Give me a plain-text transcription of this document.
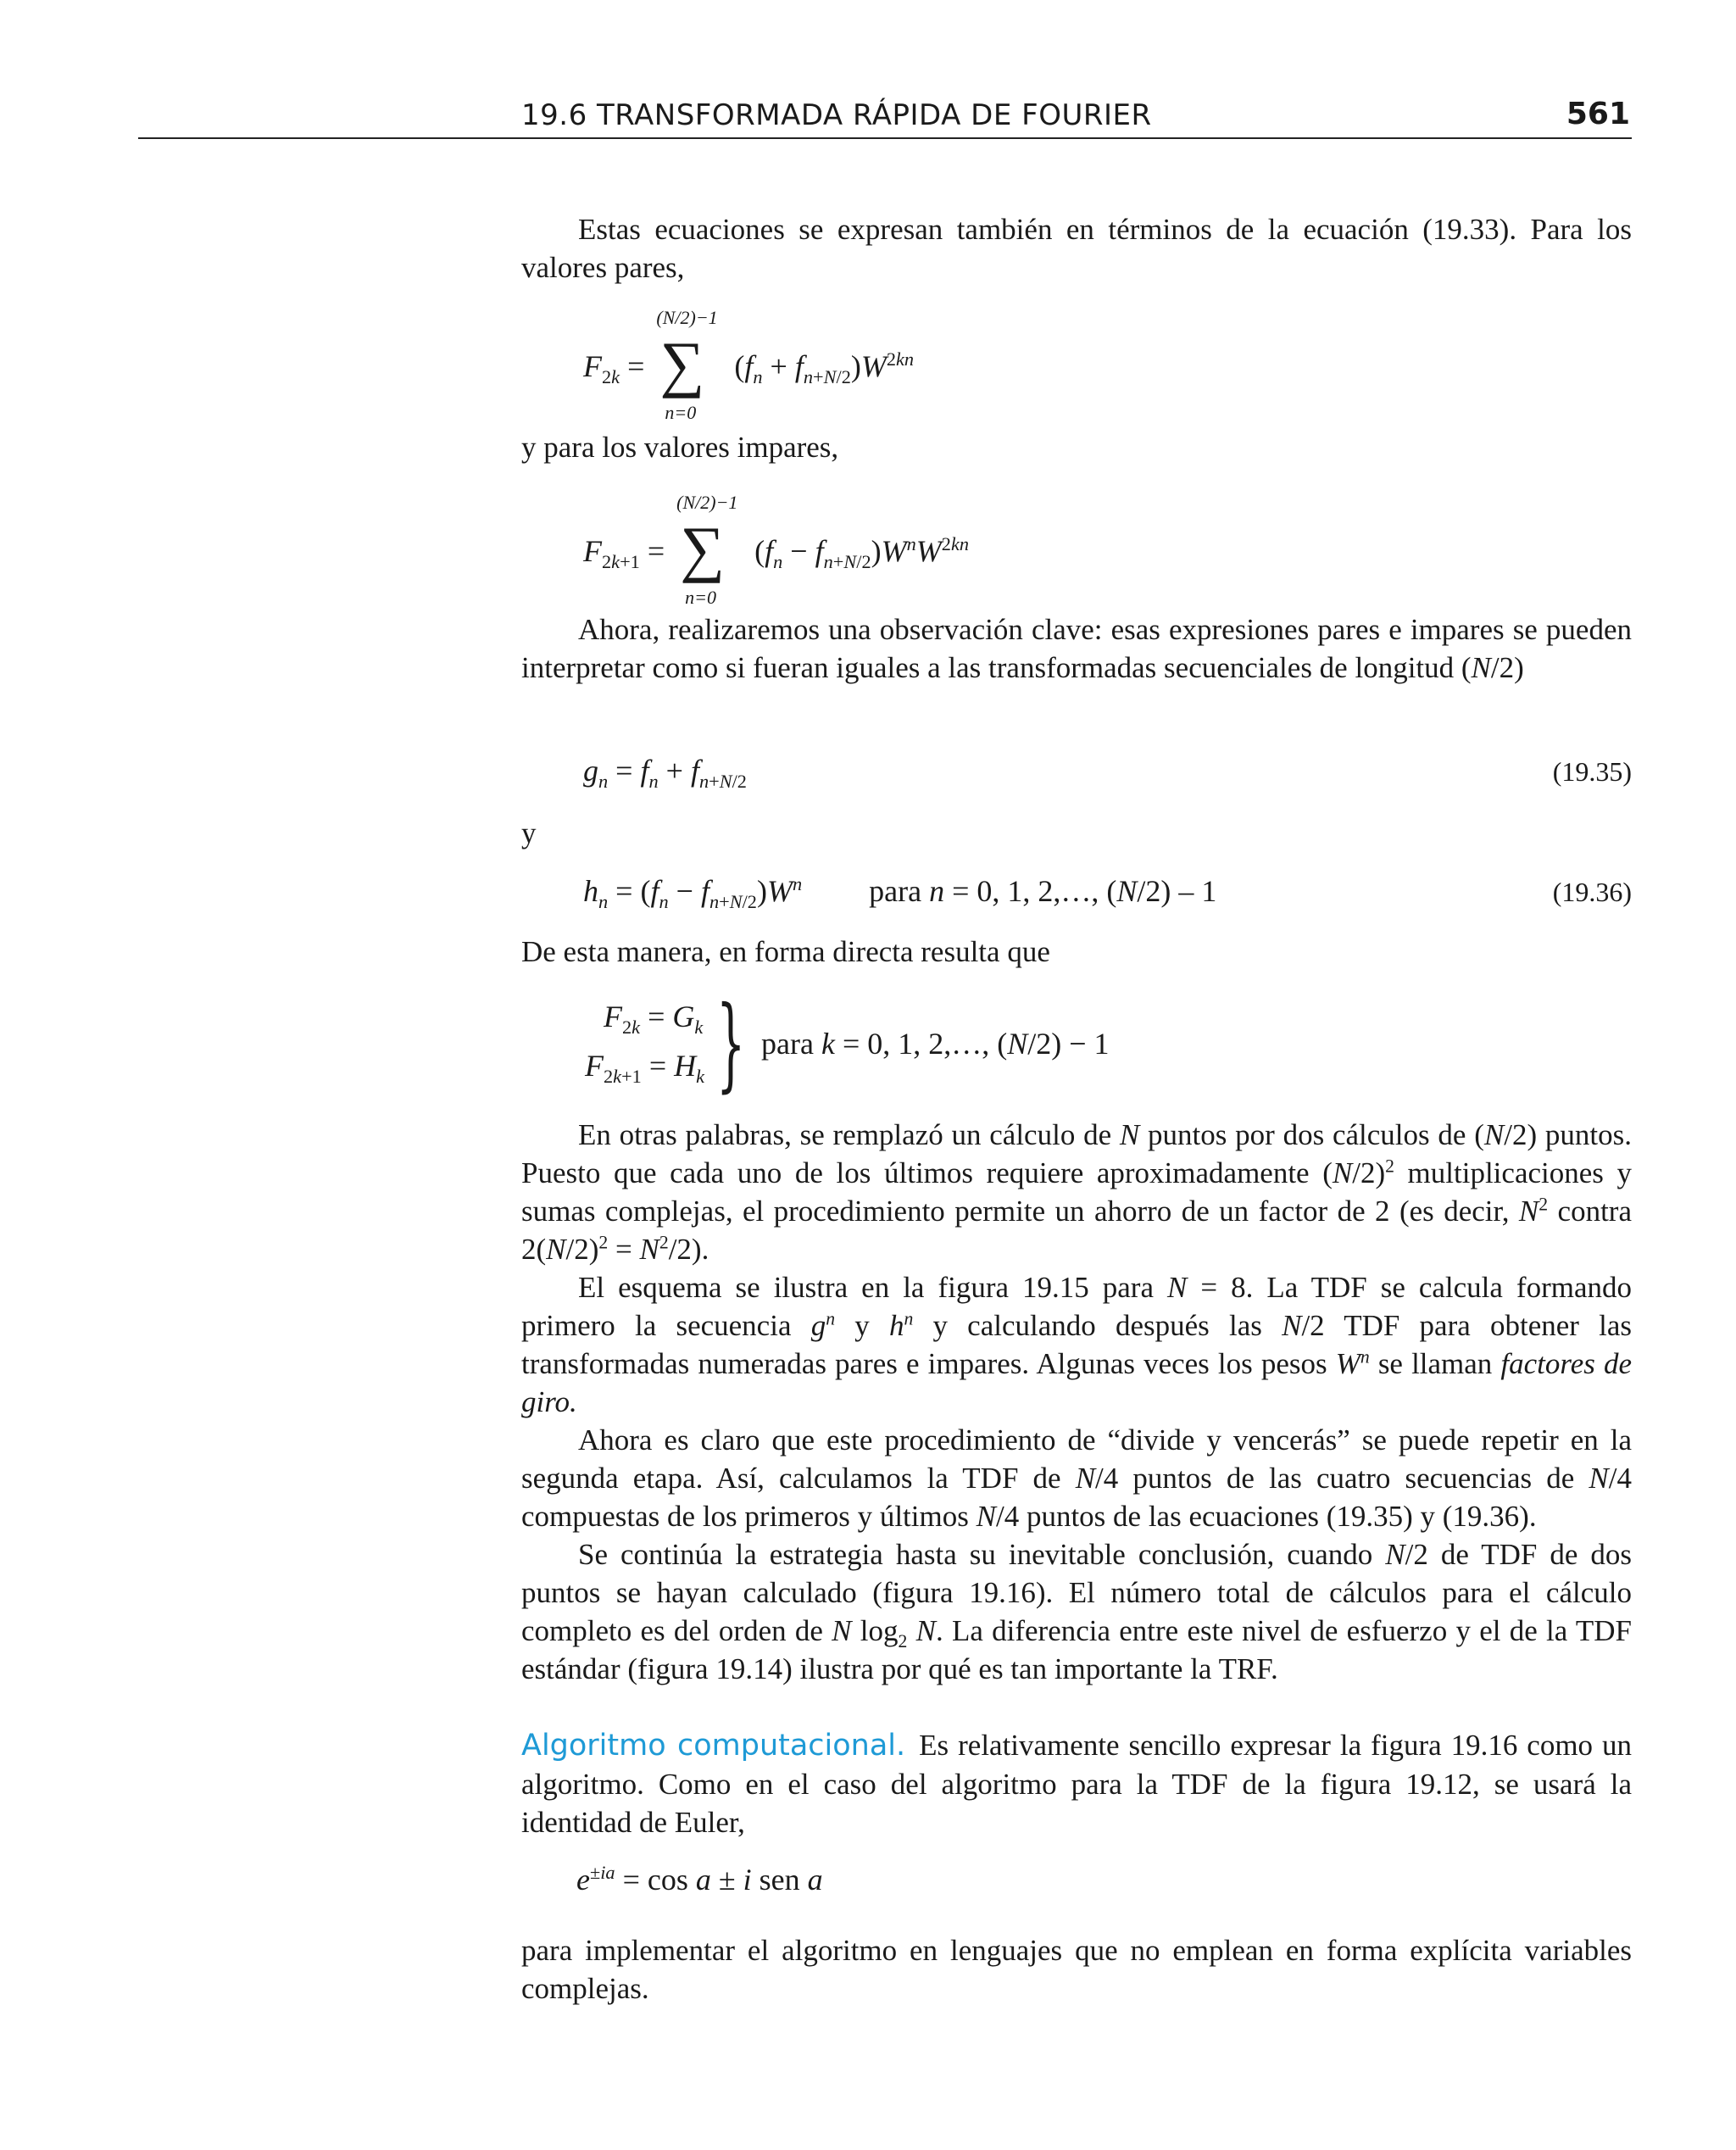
19.6 TRANSFORMADA RÁPIDA DE FOURIER	561

Estas ecuaciones se expresan también en términos de la ecuación (19.33). Para los valores pares,

$F_{2k}$ =
(N/2)−1
∑
n=0
$(f_n + f_{n+N/2})W^{2kn}$

y para los valores impares,

$F_{2k+1}$ =
(N/2)−1
∑
n=0
$(f_n - f_{n+N/2})W^nW^{2kn}$

Ahora, realizaremos una observación clave: esas expresiones pares e impares se pueden interpretar como si fueran iguales a las transformadas secuenciales de longitud (N/2)

$g_n = f_n + f_{n+N/2}$	(19.35)

y

$h_n = (f_n - f_{n+N/2})W^n$ para n = 0, 1, 2,…, (N/2) – 1	(19.36)

De esta manera, en forma directa resulta que

$F_{2k} = G_k$
$F_{2k+1} = H_k$ } para k = 0, 1, 2,…, (N/2) − 1

En otras palabras, se remplazó un cálculo de N puntos por dos cálculos de (N/2) puntos. Puesto que cada uno de los últimos requiere aproximadamente $(N/2)^2$ multiplicaciones y sumas complejas, el procedimiento permite un ahorro de un factor de 2 (es decir, $N^2$ contra $2(N/2)^2 = N^2/2$).

El esquema se ilustra en la figura 19.15 para N = 8. La TDF se calcula formando primero la secuencia $g^n$ y $h^n$ y calculando después las N/2 TDF para obtener las transformadas numeradas pares e impares. Algunas veces los pesos $W^n$ se llaman factores de giro.

Ahora es claro que este procedimiento de “divide y vencerás” se puede repetir en la segunda etapa. Así, calculamos la TDF de N/4 puntos de las cuatro secuencias de N/4 compuestas de los primeros y últimos N/4 puntos de las ecuaciones (19.35) y (19.36).

Se continúa la estrategia hasta su inevitable conclusión, cuando N/2 de TDF de dos puntos se hayan calculado (figura 19.16). El número total de cálculos para el cálculo completo es del orden de N $\log_2 N$. La diferencia entre este nivel de esfuerzo y el de la TDF estándar (figura 19.14) ilustra por qué es tan importante la TRF.

Algoritmo computacional. Es relativamente sencillo expresar la figura 19.16 como un algoritmo. Como en el caso del algoritmo para la TDF de la figura 19.12, se usará la identidad de Euler,

$e^{\pm ia} = \cos a \pm i$ sen a

para implementar el algoritmo en lenguajes que no emplean en forma explícita variables complejas.
